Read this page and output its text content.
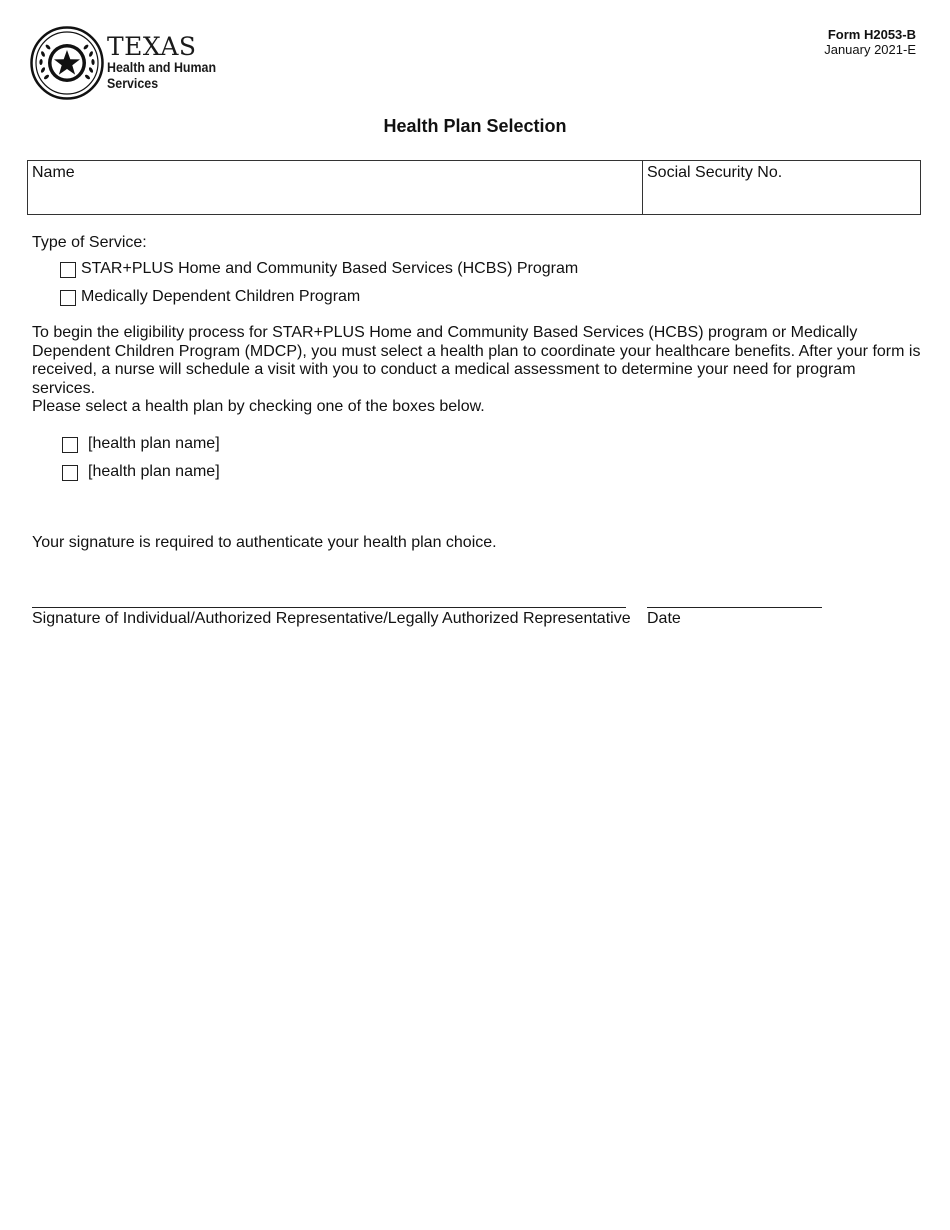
TEXAS
Health and Human
Services
Form H2053-B
January 2021-E
Health Plan Selection
Name	Social Security No.
Type of Service:
STAR+PLUS Home and Community Based Services (HCBS) Program
Medically Dependent Children Program
To begin the eligibility process for STAR+PLUS Home and Community Based Services (HCBS) program or Medically Dependent Children Program (MDCP), you must select a health plan to coordinate your healthcare benefits. After your form is received, a nurse will schedule a visit with you to conduct a medical assessment to determine your need for program services.
Please select a health plan by checking one of the boxes below.
[health plan name]
[health plan name]
Your signature is required to authenticate your health plan choice.
Signature of Individual/Authorized Representative/Legally Authorized Representative Date
